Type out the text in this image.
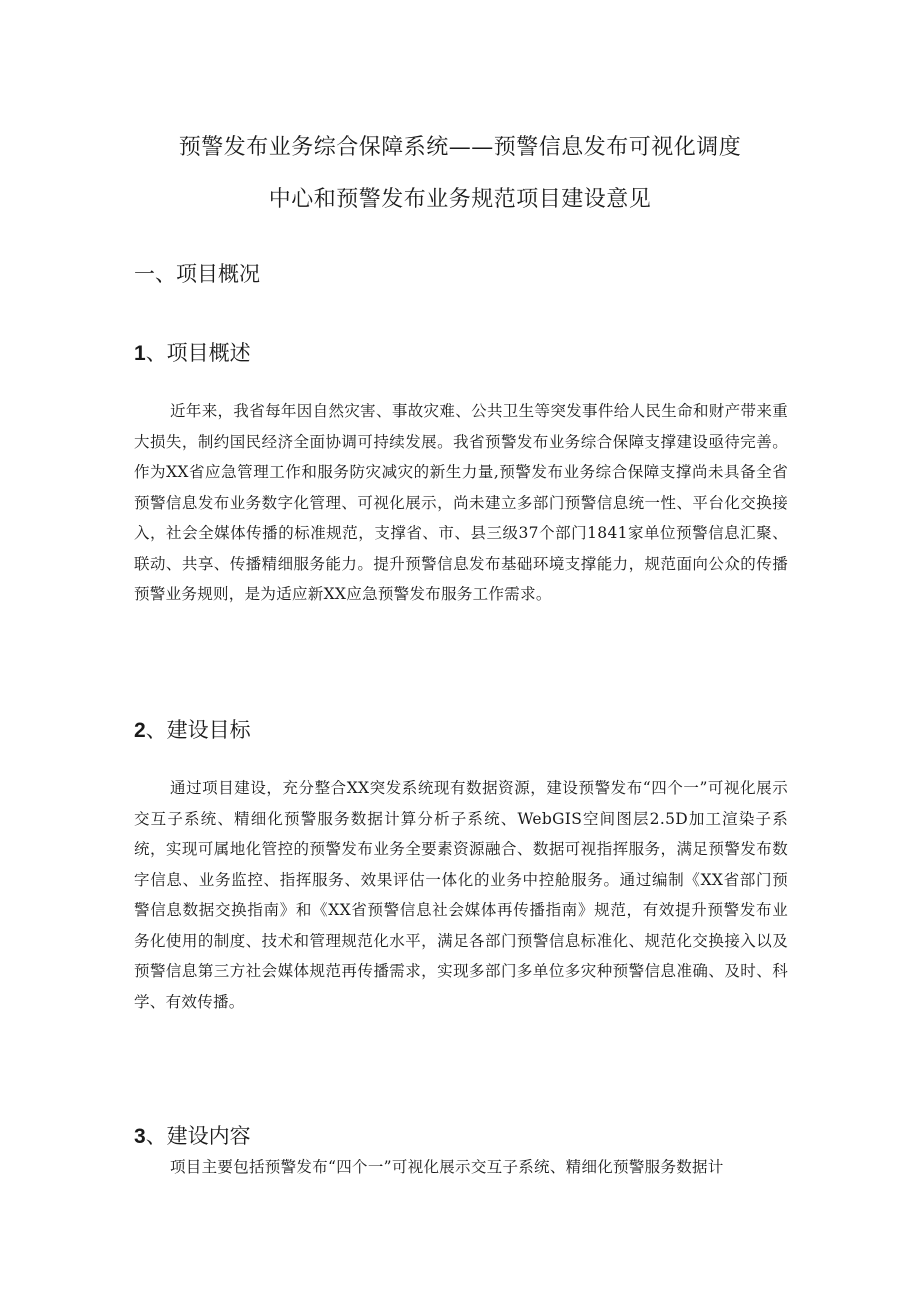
预警发布业务综合保障系统——预警信息发布可视化调度
中心和预警发布业务规范项目建设意见
一、项目概况
1、项目概述

近年来，我省每年因自然灾害、事故灾难、公共卫生等突发事件给人民生命和财产带来重大损失，制约国民经济全面协调可持续发展。我省预警发布业务综合保障支撑建设亟待完善。作为XX省应急管理工作和服务防灾减灾的新生力量,预警发布业务综合保障支撑尚未具备全省预警信息发布业务数字化管理、可视化展示，尚未建立多部门预警信息统一性、平台化交换接入，社会全媒体传播的标准规范，支撑省、市、县三级37个部门1841家单位预警信息汇聚、联动、共享、传播精细服务能力。提升预警信息发布基础环境支撑能力，规范面向公众的传播预警业务规则，是为适应新XX应急预警发布服务工作需求。

2、建设目标

通过项目建设，充分整合XX突发系统现有数据资源，建设预警发布“四个一”可视化展示交互子系统、精细化预警服务数据计算分析子系统、WebGIS空间图层2.5D加工渲染子系统，实现可属地化管控的预警发布业务全要素资源融合、数据可视指挥服务，满足预警发布数字信息、业务监控、指挥服务、效果评估一体化的业务中控舱服务。通过编制《XX省部门预警信息数据交换指南》和《XX省预警信息社会媒体再传播指南》规范，有效提升预警发布业务化使用的制度、技术和管理规范化水平，满足各部门预警信息标准化、规范化交换接入以及预警信息第三方社会媒体规范再传播需求，实现多部门多单位多灾种预警信息准确、及时、科学、有效传播。

3、建设内容

项目主要包括预警发布“四个一”可视化展示交互子系统、精细化预警服务数据计
